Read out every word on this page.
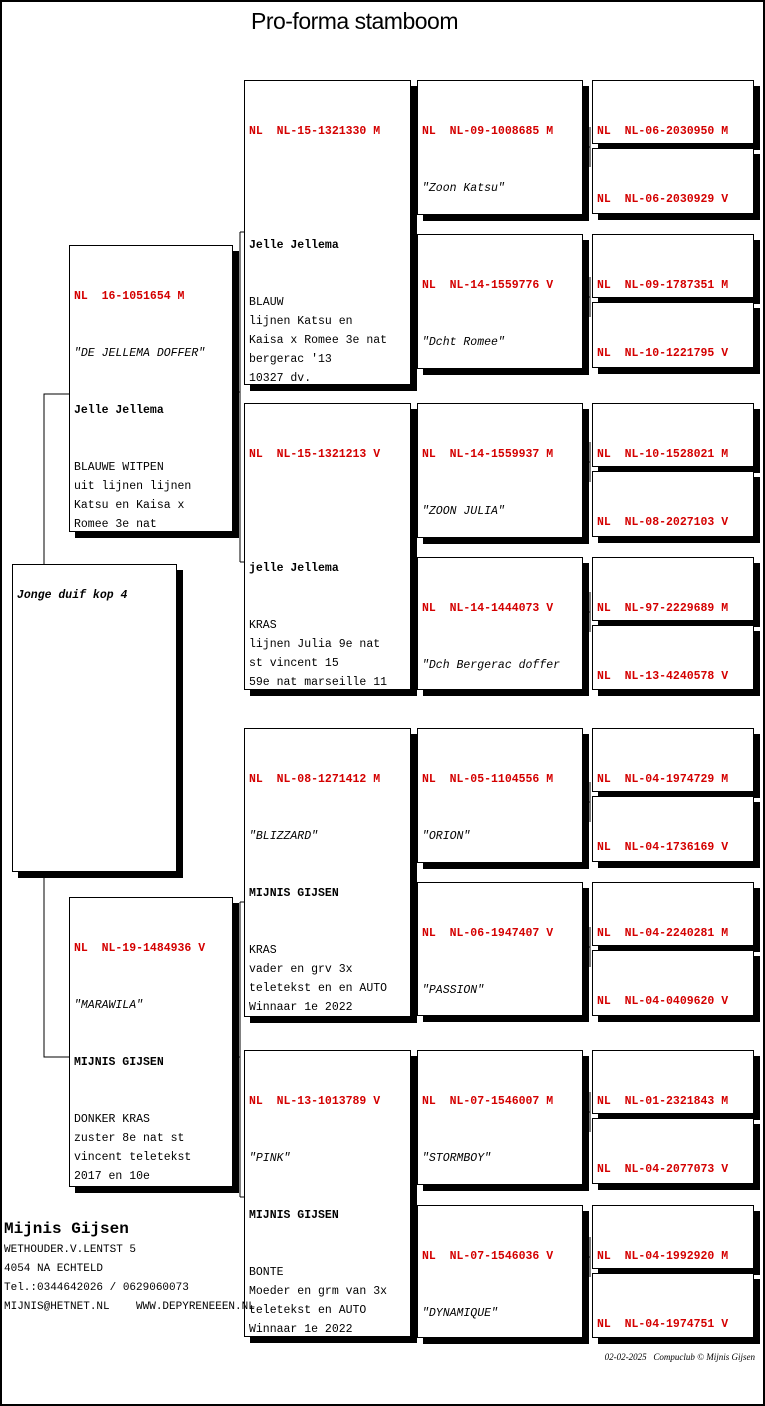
Pro-forma stamboom
Jonge duif kop 4

NL  16-1051654 M

"DE JELLEMA DOFFER"

Jelle Jellema

BLAUWE WITPEN
uit lijnen lijnen
Katsu en Kaisa x
Romee 3e nat

NL  NL-19-1484936 V

"MARAWILA"

MIJNIS GIJSEN

DONKER KRAS
zuster 8e nat st
vincent teletekst
2017 en 10e

NL  NL-15-1321330 M

Jelle Jellema

BLAUW
lijnen Katsu en
Kaisa x Romee 3e nat
bergerac '13
10327 dv.

NL  NL-15-1321213 V

jelle Jellema

KRAS
lijnen Julia 9e nat
st vincent 15
59e nat marseille 11

NL  NL-08-1271412 M

"BLIZZARD"

MIJNIS GIJSEN

KRAS
vader en grv 3x
teletekst en en AUTO
Winnaar 1e 2022

NL  NL-13-1013789 V

"PINK"

MIJNIS GIJSEN

BONTE
Moeder en grm van 3x
teletekst en AUTO
Winnaar 1e 2022

NL  NL-09-1008685 M

"Zoon Katsu"

NL  NL-14-1559776 V

"Dcht Romee"

NL  NL-14-1559937 M

"ZOON JULIA"

NL  NL-14-1444073 V

"Dch Bergerac doffer

NL  NL-05-1104556 M

"ORION"

NL  NL-06-1947407 V

"PASSION"

NL  NL-07-1546007 M

"STORMBOY"

NL  NL-07-1546036 V

"DYNAMIQUE"

NL  NL-06-2030950 M

NL  NL-06-2030929 V

NL  NL-09-1787351 M

NL  NL-10-1221795 V

NL  NL-10-1528021 M

NL  NL-08-2027103 V

NL  NL-97-2229689 M

NL  NL-13-4240578 V

NL  NL-04-1974729 M

NL  NL-04-1736169 V

NL  NL-04-2240281 M

NL  NL-04-0409620 V

NL  NL-01-2321843 M

NL  NL-04-2077073 V

NL  NL-04-1992920 M

NL  NL-04-1974751 V

Mijnis Gijsen
WETHOUDER.V.LENTST 5
4054 NA ECHTELD
Tel.:0344642026 / 0629060073
MIJNIS@HETNET.NL    WWW.DEPYRENEEEN.NL
02-02-2025   Compuclub © Mijnis Gijsen
